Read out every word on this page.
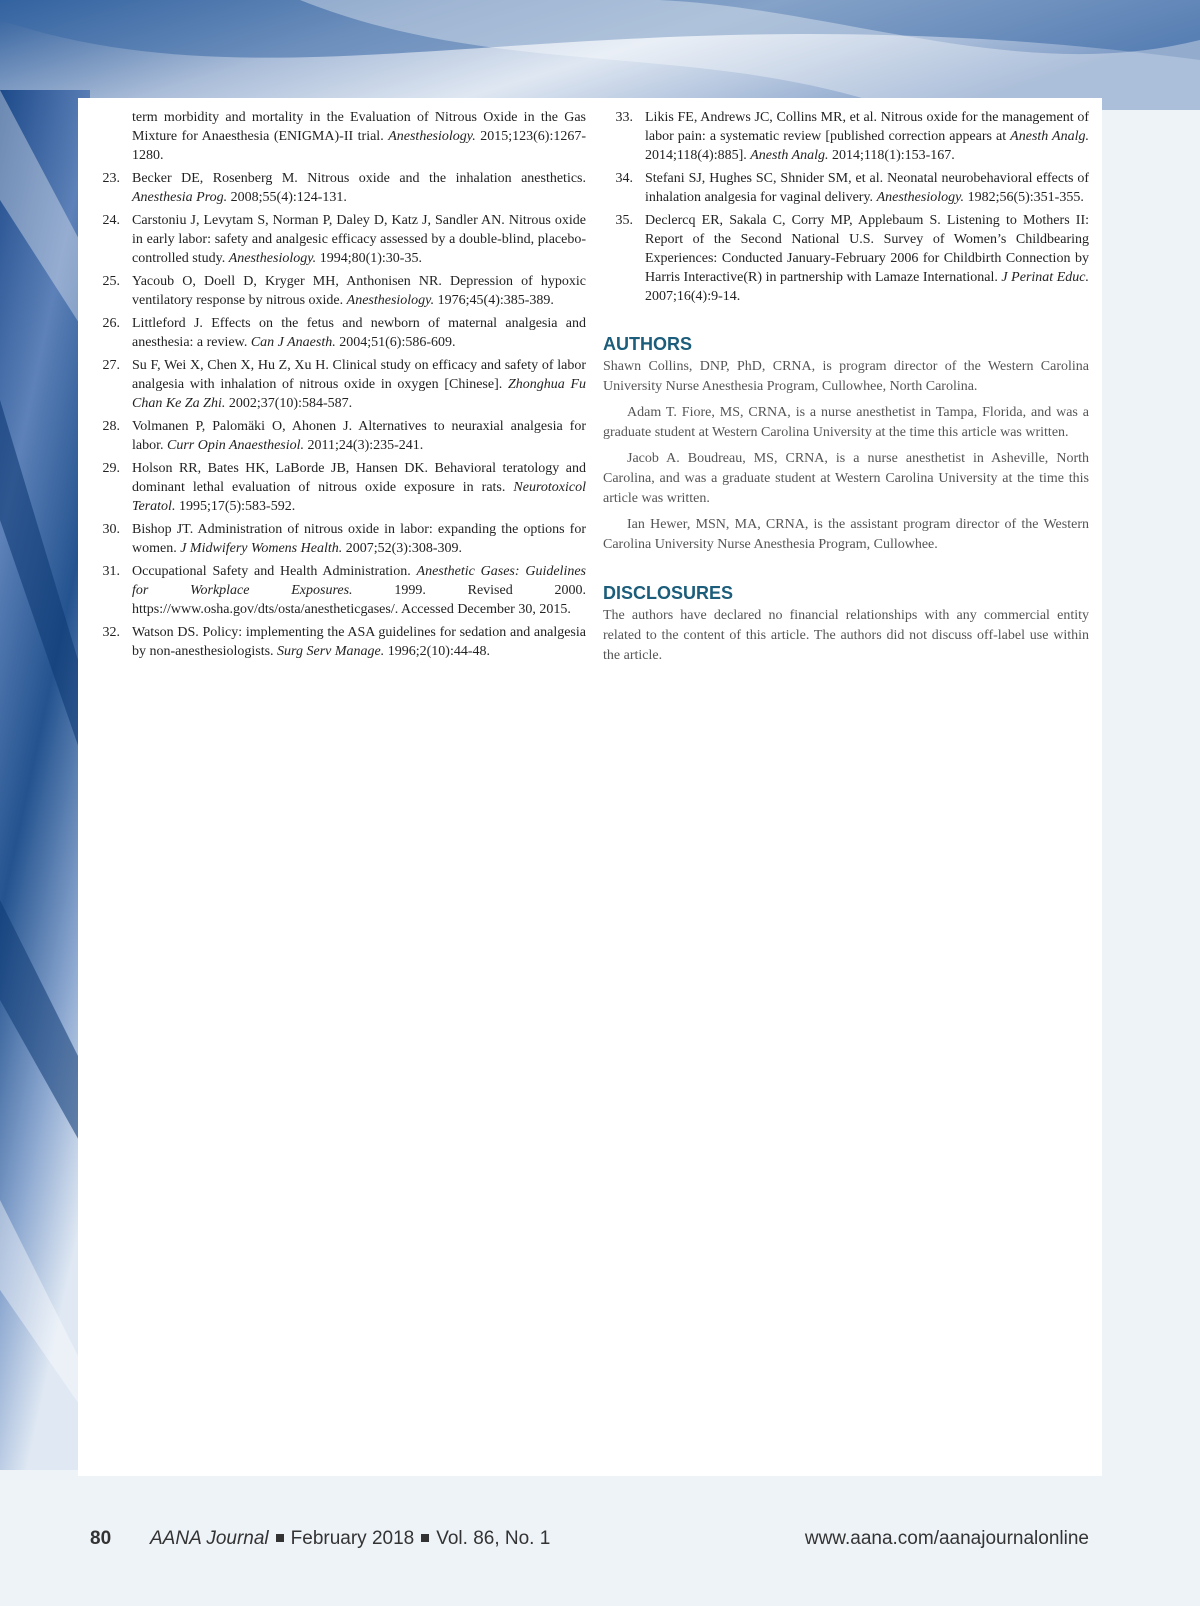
term morbidity and mortality in the Evaluation of Nitrous Oxide in the Gas Mixture for Anaesthesia (ENIGMA)-II trial. Anesthesiology. 2015;123(6):1267-1280.

23. Becker DE, Rosenberg M. Nitrous oxide and the inhalation anesthetics. Anesthesia Prog. 2008;55(4):124-131.

24. Carstoniu J, Levytam S, Norman P, Daley D, Katz J, Sandler AN. Nitrous oxide in early labor: safety and analgesic efficacy assessed by a double-blind, placebo-controlled study. Anesthesiology. 1994;80(1):30-35.

25. Yacoub O, Doell D, Kryger MH, Anthonisen NR. Depression of hypoxic ventilatory response by nitrous oxide. Anesthesiology. 1976;45(4):385-389.

26. Littleford J. Effects on the fetus and newborn of maternal analgesia and anesthesia: a review. Can J Anaesth. 2004;51(6):586-609.

27. Su F, Wei X, Chen X, Hu Z, Xu H. Clinical study on efficacy and safety of labor analgesia with inhalation of nitrous oxide in oxygen [Chinese]. Zhonghua Fu Chan Ke Za Zhi. 2002;37(10):584-587.

28. Volmanen P, Palomäki O, Ahonen J. Alternatives to neuraxial analgesia for labor. Curr Opin Anaesthesiol. 2011;24(3):235-241.

29. Holson RR, Bates HK, LaBorde JB, Hansen DK. Behavioral teratology and dominant lethal evaluation of nitrous oxide exposure in rats. Neurotoxicol Teratol. 1995;17(5):583-592.

30. Bishop JT. Administration of nitrous oxide in labor: expanding the options for women. J Midwifery Womens Health. 2007;52(3):308-309.

31. Occupational Safety and Health Administration. Anesthetic Gases: Guidelines for Workplace Exposures. 1999. Revised 2000. https://www.osha.gov/dts/osta/anestheticgases/. Accessed December 30, 2015.

32. Watson DS. Policy: implementing the ASA guidelines for sedation and analgesia by non-anesthesiologists. Surg Serv Manage. 1996;2(10):44-48.

33. Likis FE, Andrews JC, Collins MR, et al. Nitrous oxide for the management of labor pain: a systematic review [published correction appears at Anesth Analg. 2014;118(4):885]. Anesth Analg. 2014;118(1):153-167.

34. Stefani SJ, Hughes SC, Shnider SM, et al. Neonatal neurobehavioral effects of inhalation analgesia for vaginal delivery. Anesthesiology. 1982;56(5):351-355.

35. Declercq ER, Sakala C, Corry MP, Applebaum S. Listening to Mothers II: Report of the Second National U.S. Survey of Women’s Childbearing Experiences: Conducted January-February 2006 for Childbirth Connection by Harris Interactive(R) in partnership with Lamaze International. J Perinat Educ. 2007;16(4):9-14.

AUTHORS

Shawn Collins, DNP, PhD, CRNA, is program director of the Western Carolina University Nurse Anesthesia Program, Cullowhee, North Carolina.

Adam T. Fiore, MS, CRNA, is a nurse anesthetist in Tampa, Florida, and was a graduate student at Western Carolina University at the time this article was written.

Jacob A. Boudreau, MS, CRNA, is a nurse anesthetist in Asheville, North Carolina, and was a graduate student at Western Carolina University at the time this article was written.

Ian Hewer, MSN, MA, CRNA, is the assistant program director of the Western Carolina University Nurse Anesthesia Program, Cullowhee.

DISCLOSURES

The authors have declared no financial relationships with any commercial entity related to the content of this article. The authors did not discuss off-label use within the article.

80 AANA Journal February 2018 Vol. 86, No. 1	www.aana.com/aanajournalonline
